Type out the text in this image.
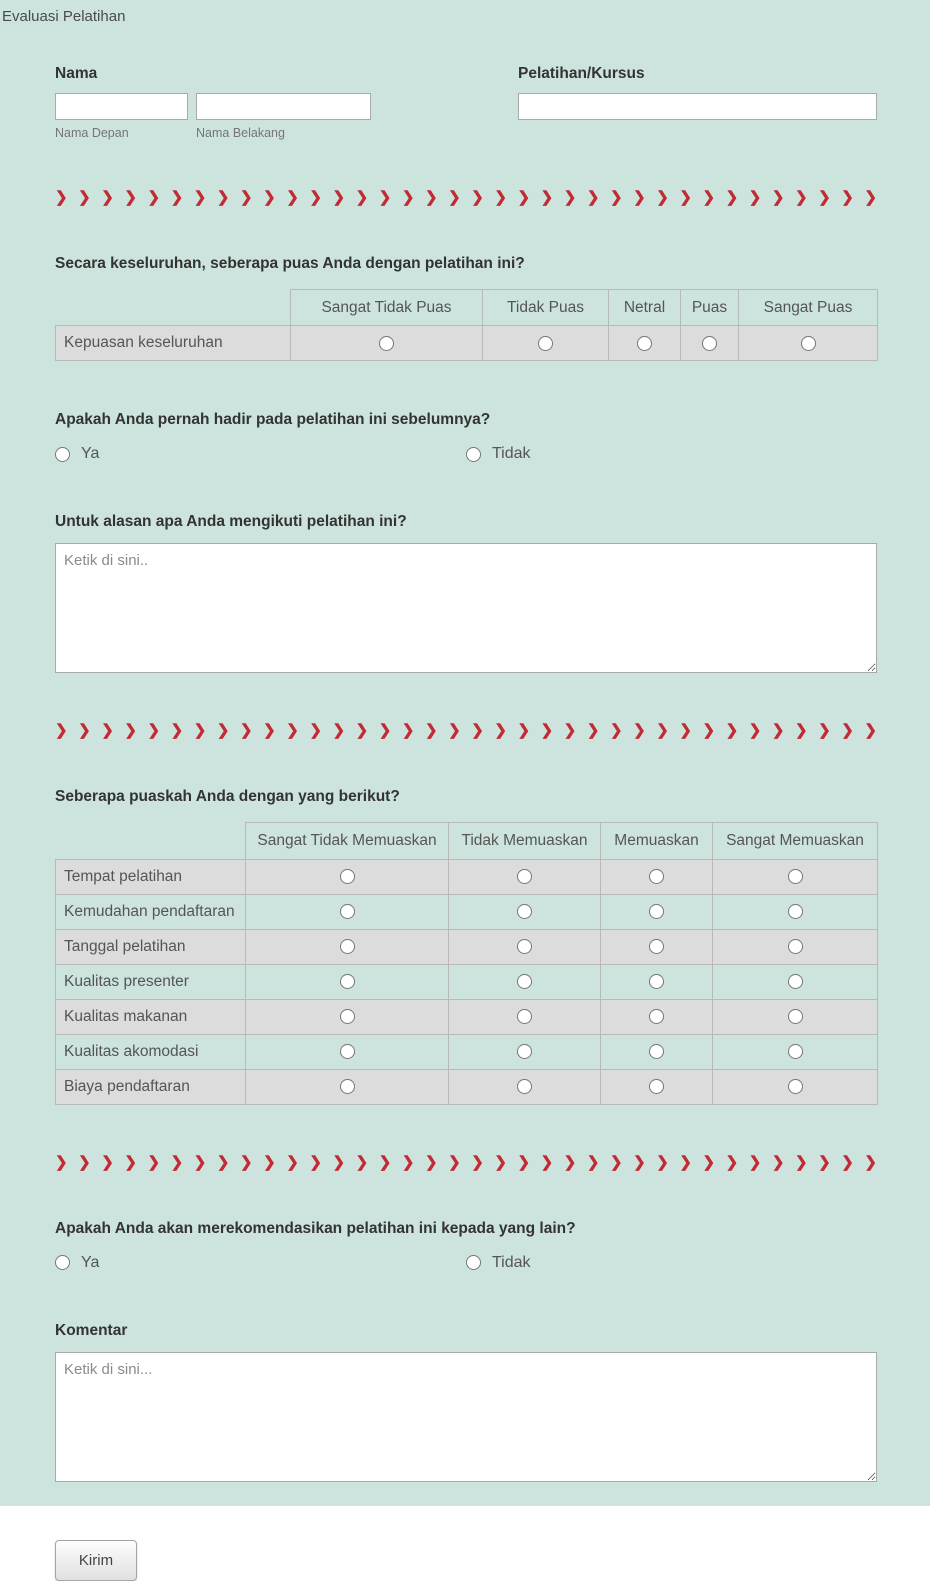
Evaluasi Pelatihan
Nama
Nama Depan	Nama Belakang
Pelatihan/Kursus
❯ ❯ ❯ ❯ ❯ ❯ ❯ ❯ ❯ ❯ ❯ ❯ ❯ ❯ ❯ ❯ ❯ ❯ ❯ ❯ ❯ ❯ ❯ ❯ ❯ ❯ ❯ ❯ ❯ ❯ ❯ ❯ ❯ ❯ ❯ ❯
Secara keseluruhan, seberapa puas Anda dengan pelatihan ini?
	Sangat Tidak Puas	Tidak Puas	Netral	Puas	Sangat Puas
Kepuasan keseluruhan					
Apakah Anda pernah hadir pada pelatihan ini sebelumnya?
Ya	Tidak
Untuk alasan apa Anda mengikuti pelatihan ini?
Ketik di sini..
❯ ❯ ❯ ❯ ❯ ❯ ❯ ❯ ❯ ❯ ❯ ❯ ❯ ❯ ❯ ❯ ❯ ❯ ❯ ❯ ❯ ❯ ❯ ❯ ❯ ❯ ❯ ❯ ❯ ❯ ❯ ❯ ❯ ❯ ❯ ❯
Seberapa puaskah Anda dengan yang berikut?
	Sangat Tidak Memuaskan	Tidak Memuaskan	Memuaskan	Sangat Memuaskan
Tempat pelatihan				
Kemudahan pendaftaran				
Tanggal pelatihan				
Kualitas presenter				
Kualitas makanan				
Kualitas akomodasi				
Biaya pendaftaran				
❯ ❯ ❯ ❯ ❯ ❯ ❯ ❯ ❯ ❯ ❯ ❯ ❯ ❯ ❯ ❯ ❯ ❯ ❯ ❯ ❯ ❯ ❯ ❯ ❯ ❯ ❯ ❯ ❯ ❯ ❯ ❯ ❯ ❯ ❯ ❯
Apakah Anda akan merekomendasikan pelatihan ini kepada yang lain?
Ya	Tidak
Komentar
Ketik di sini...
Kirim
